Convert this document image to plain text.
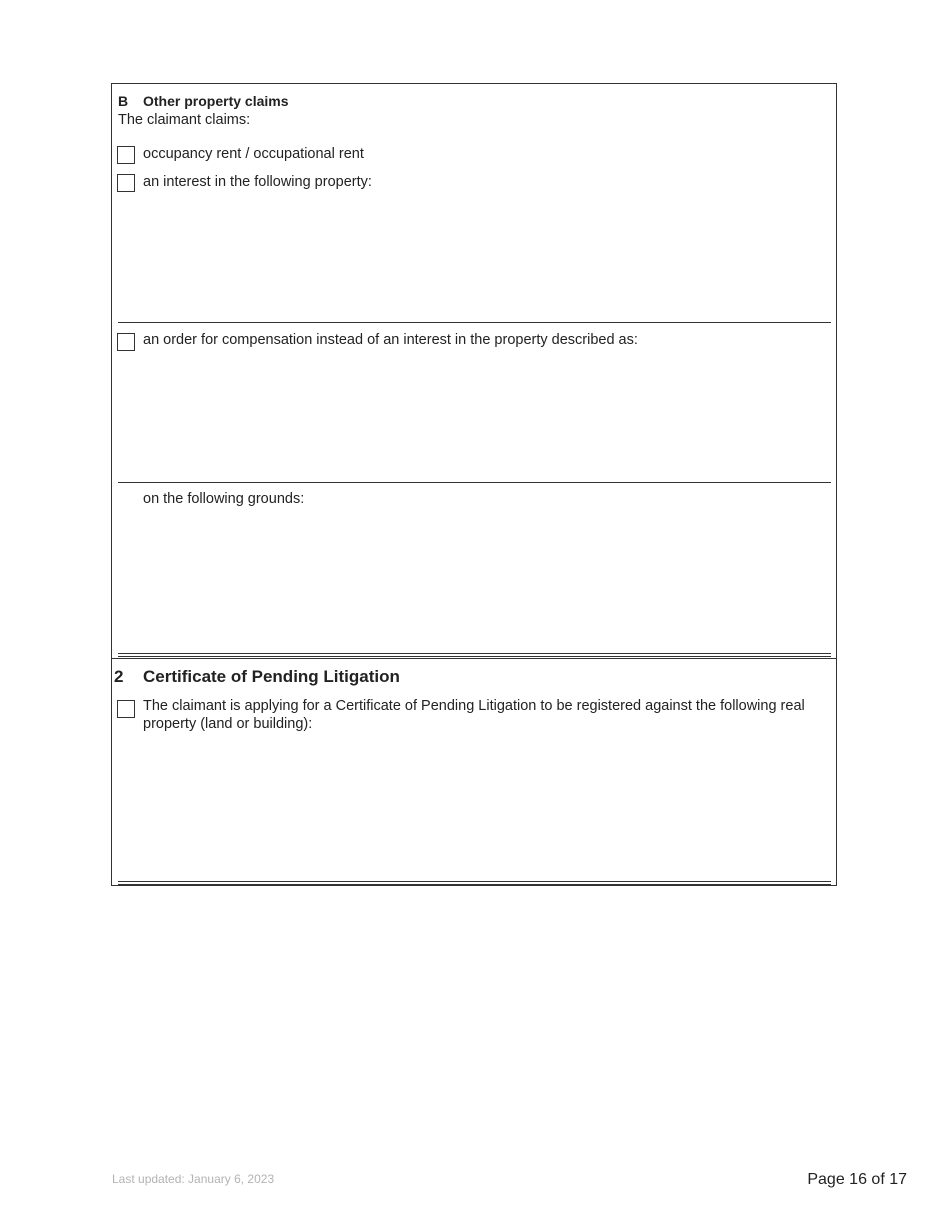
B Other property claims
The claimant claims:
occupancy rent / occupational rent
an interest in the following property:
an order for compensation instead of an interest in the property described as:
on the following grounds:
2 Certificate of Pending Litigation
The claimant is applying for a Certificate of Pending Litigation to be registered against the following real property (land or building):
Last updated: January 6, 2023	Page 16 of 17
